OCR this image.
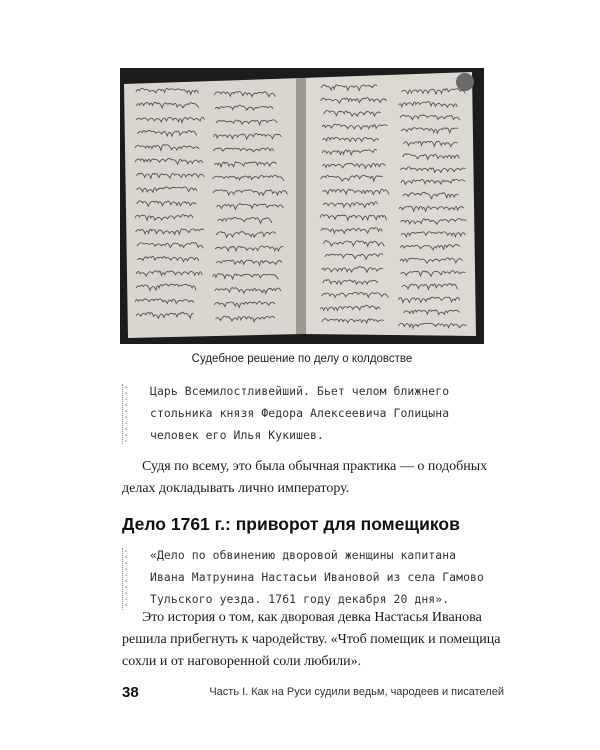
Судебное решение по делу о колдовстве
Царь Всемилостливейший. Бьет челом ближнего
стольника князя Федора Алексеевича Голицына
человек его Илья Кукишев.
Судя по всему, это была обычная практика — о подобных
делах докладывать лично императору.
Дело 1761 г.: приворот для помещиков
«Дело по обвинению дворовой женщины капитана
Ивана Матрунина Настасьи Ивановой из села Гамово
Тульского уезда. 1761 году декабря 20 дня».
Это история о том, как дворовая девка Настасья Иванова
решила прибегнуть к чародейству. «Чтоб помещик и помещица
сохли и от наговоренной соли любили».
38	Часть I. Как на Руси судили ведьм, чародеев и писателей
